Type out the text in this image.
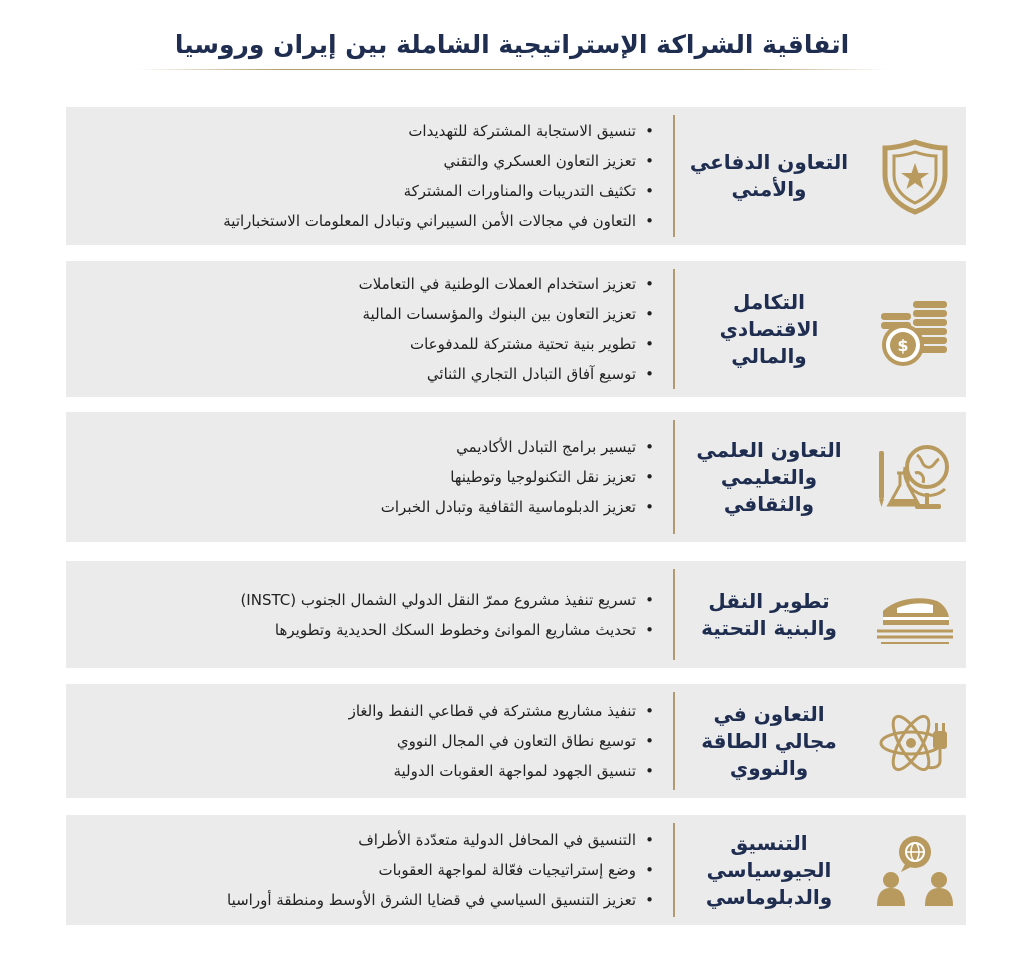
اتفاقية الشراكة الإستراتيجية الشاملة بين إيران وروسيا
التعاون الدفاعي والأمني
• تنسيق الاستجابة المشتركة للتهديدات
• تعزيز التعاون العسكري والتقني
• تكثيف التدريبات والمناورات المشتركة
• التعاون في مجالات الأمن السيبراني وتبادل المعلومات الاستخباراتية
$
التكامل الاقتصادي والمالي
• تعزيز استخدام العملات الوطنية في التعاملات
• تعزيز التعاون بين البنوك والمؤسسات المالية
• تطوير بنية تحتية مشتركة للمدفوعات
• توسيع آفاق التبادل التجاري الثنائي
التعاون العلمي والتعليمي والثقافي
• تيسير برامج التبادل الأكاديمي
• تعزيز نقل التكنولوجيا وتوطينها
• تعزيز الدبلوماسية الثقافية وتبادل الخبرات
تطوير النقل والبنية التحتية
• تسريع تنفيذ مشروع ممرّ النقل الدولي الشمال الجنوب (INSTC)
• تحديث مشاريع الموانئ وخطوط السكك الحديدية وتطويرها
التعاون في مجالي الطاقة والنووي
• تنفيذ مشاريع مشتركة في قطاعي النفط والغاز
• توسيع نطاق التعاون في المجال النووي
• تنسيق الجهود لمواجهة العقوبات الدولية
التنسيق الجيوسياسي والدبلوماسي
• التنسيق في المحافل الدولية متعدّدة الأطراف
• وضع إستراتيجيات فعّالة لمواجهة العقوبات
• تعزيز التنسيق السياسي في قضايا الشرق الأوسط ومنطقة أوراسيا
